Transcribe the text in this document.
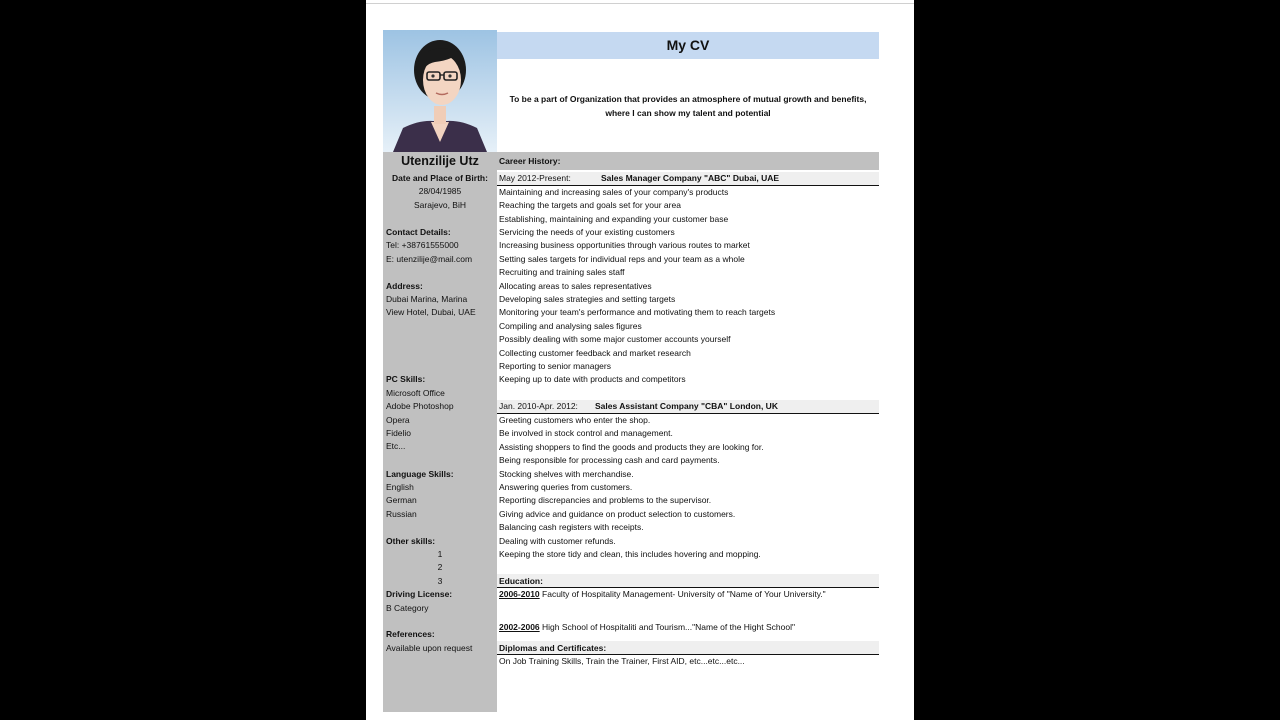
My CV
To be a part of Organization that provides an atmosphere of mutual growth and benefits,
where I can show my talent and potential
Date and Place of Birth:
28/04/1985
Sarajevo, BiH
Contact Details:
Tel: +38761555000
E: utenzilije@mail.com
Address:
Dubai Marina, Marina
View Hotel, Dubai, UAE
PC Skills:
Microsoft Office
Adobe Photoshop
Opera
Fidelio
Etc...
Language Skills:
English
German
Russian
Other skills:
1
2
3
Driving License:
B Category
References:
Available upon request
Utenzilije Utz	Career History:
May 2012-Present:	Sales Manager Company "ABC" Dubai, UAE
Maintaining and increasing sales of your company's products
Reaching the targets and goals set for your area
Establishing, maintaining and expanding your customer base
Servicing the needs of your existing customers
Increasing business opportunities through various routes to market
Setting sales targets for individual reps and your team as a whole
Recruiting and training sales staff
Allocating areas to sales representatives
Developing sales strategies and setting targets
Monitoring your team's performance and motivating them to reach targets
Compiling and analysing sales figures
Possibly dealing with some major customer accounts yourself
Collecting customer feedback and market research
Reporting to senior managers
Keeping up to date with products and competitors
Jan. 2010-Apr. 2012: Sales Assistant Company "CBA" London, UK
Greeting customers who enter the shop.
Be involved in stock control and management.
Assisting shoppers to find the goods and products they are looking for.
Being responsible for processing cash and card payments.
Stocking shelves with merchandise.
Answering queries from customers.
Reporting discrepancies and problems to the supervisor.
Giving advice and guidance on product selection to customers.
Balancing cash registers with receipts.
Dealing with customer refunds.
Keeping the store tidy and clean, this includes hovering and mopping.
Education:
2006-2010 Faculty of Hospitality Management- University of "Name of Your University."
2002-2006 High School of Hospitaliti and Tourism..."Name of the Hight School"
Diplomas and Certificates:
On Job Training Skills, Train the Trainer, First AID, etc...etc...etc...
